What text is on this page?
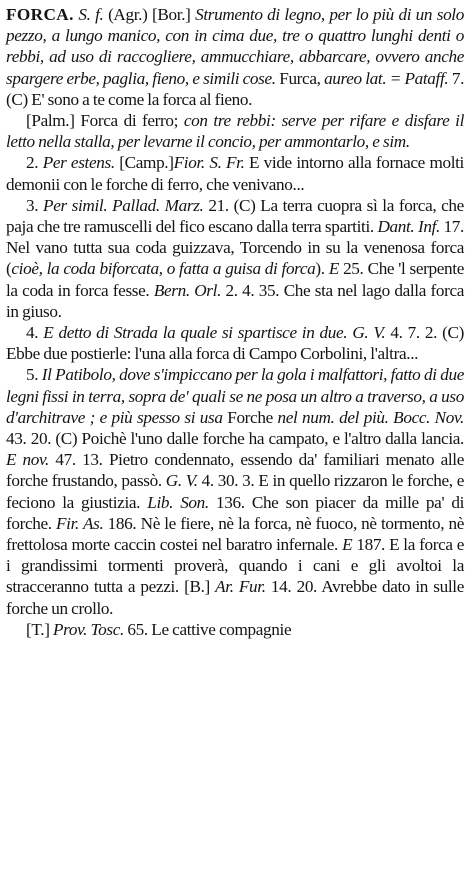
FORCA. S. f. (Agr.) [Bor.] Strumento di legno, per lo più di un solo pezzo, a lungo manico, con in cima due, tre o quattro lunghi denti o rebbi, ad uso di raccogliere, ammucchiare, abbarcare, ovvero anche spargere erbe, paglia, fieno, e simili cose. Furca, aureo lat. = Pataff. 7. (C) E' sono a te come la forca al fieno.

[Palm.] Forca di ferro; con tre rebbi: serve per rifare e disfare il letto nella stalla, per levarne il concio, per ammontarlo, e sim.

2. Per estens. [Camp.]Fior. S. Fr. E vide intorno alla fornace molti demonii con le forche di ferro, che venivano...

3. Per simil. Pallad. Marz. 21. (C) La terra cuopra sì la forca, che paja che tre ramuscelli del fico escano dalla terra spartiti. Dant. Inf. 17. Nel vano tutta sua coda guizzava, Torcendo in su la venenosa forca (cioè, la coda biforcata, o fatta a guisa di forca). E 25. Che 'l serpente la coda in forca fesse. Bern. Orl. 2. 4. 35. Che sta nel lago dalla forca in giuso.

4. E detto di Strada la quale si spartisce in due. G. V. 4. 7. 2. (C) Ebbe due postierle: l'una alla forca di Campo Corbolini, l'altra...

5. Il Patibolo, dove s'impiccano per la gola i malfattori, fatto di due legni fissi in terra, sopra de' quali se ne posa un altro a traverso, a uso d'architrave ; e più spesso si usa Forche nel num. del più. Bocc. Nov. 43. 20. (C) Poichè l'uno dalle forche ha campato, e l'altro dalla lancia. E nov. 47. 13. Pietro condennato, essendo da' familiari menato alle forche frustando, passò. G. V. 4. 30. 3. E in quello rizzaron le forche, e feciono la giustizia. Lib. Son. 136. Che son piacer da mille pa' di forche. Fir. As. 186. Nè le fiere, nè la forca, nè fuoco, nè tormento, nè frettolosa morte caccin costei nel baratro infernale. E 187. E la forca e i grandissimi tormenti proverà, quando i cani e gli avoltoi la stracceranno tutta a pezzi. [B.] Ar. Fur. 14. 20. Avrebbe dato in sulle forche un crollo.

[T.] Prov. Tosc. 65. Le cattive compagnie
